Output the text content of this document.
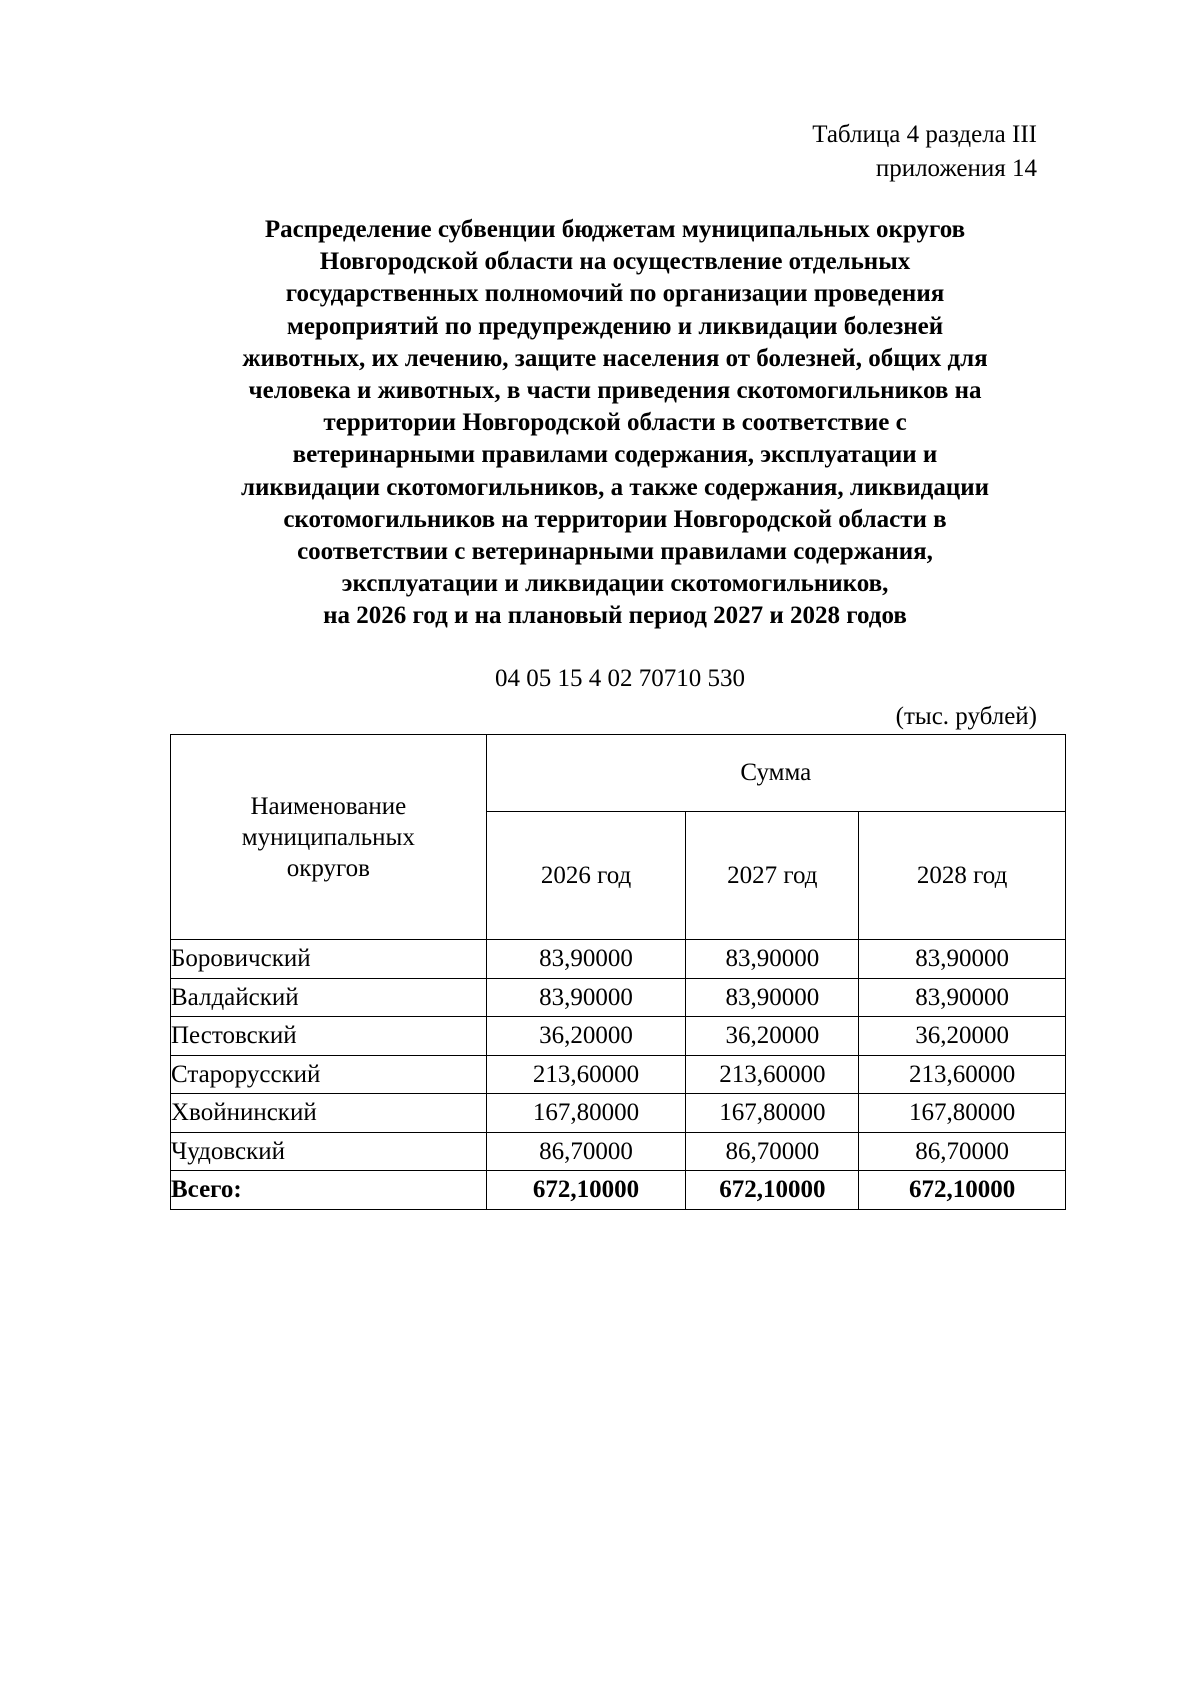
Таблица 4 раздела III
приложения 14
Распределение субвенции бюджетам муниципальных округов
Новгородской области на осуществление отдельных
государственных полномочий по организации проведения
мероприятий по предупреждению и ликвидации болезней
животных, их лечению, защите населения от болезней, общих для
человека и животных, в части приведения скотомогильников на
территории Новгородской области в соответствие с
ветеринарными правилами содержания, эксплуатации и
ликвидации скотомогильников, а также содержания, ликвидации
скотомогильников на территории Новгородской области в
соответствии с ветеринарными правилами содержания,
эксплуатации и ликвидации скотомогильников,
на 2026 год и на плановый период 2027 и 2028 годов
04 05 15 4 02 70710 530
(тыс. рублей)
Наименование
муниципальных
округов	Сумма		
	2026 год	2027 год	2028 год
Боровичский	83,90000	83,90000	83,90000
Валдайский	83,90000	83,90000	83,90000
Пестовский	36,20000	36,20000	36,20000
Старорусский	213,60000	213,60000	213,60000
Хвойнинский	167,80000	167,80000	167,80000
Чудовский	86,70000	86,70000	86,70000
Всего:	672,10000	672,10000	672,10000
